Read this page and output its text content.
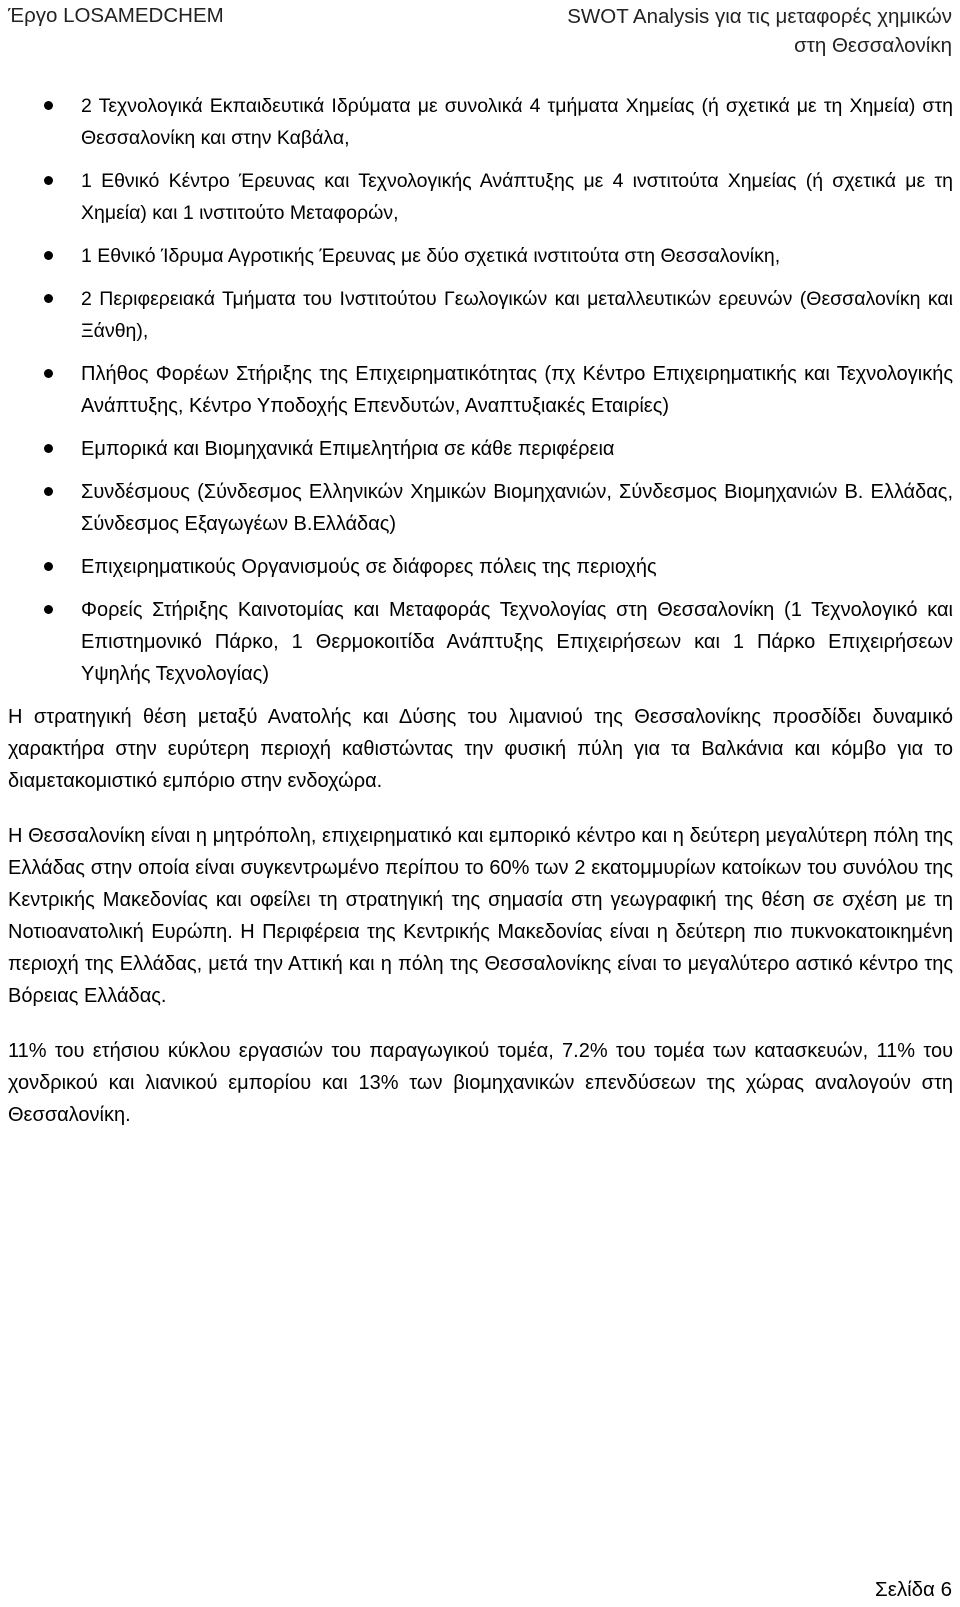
Έργο LOSAMEDCHEM	SWOT Analysis για τις μεταφορές χημικών στη Θεσσαλονίκη
2 Τεχνολογικά Εκπαιδευτικά Ιδρύματα με συνολικά 4 τμήματα Χημείας (ή σχετικά με τη Χημεία) στη Θεσσαλονίκη και στην Καβάλα,
1 Εθνικό Κέντρο Έρευνας και Τεχνολογικής Ανάπτυξης με 4 ινστιτούτα Χημείας (ή σχετικά με τη Χημεία) και 1 ινστιτούτο Μεταφορών,
1 Εθνικό Ίδρυμα Αγροτικής Έρευνας με δύο σχετικά ινστιτούτα στη Θεσσαλονίκη,
2 Περιφερειακά Τμήματα του Ινστιτούτου Γεωλογικών και μεταλλευτικών ερευνών (Θεσσαλονίκη και Ξάνθη),
Πλήθος Φορέων Στήριξης της Επιχειρηματικότητας (πχ Κέντρο Επιχειρηματικής και Τεχνολογικής Ανάπτυξης, Κέντρο Υποδοχής Επενδυτών, Αναπτυξιακές Εταιρίες)
Εμπορικά και Βιομηχανικά Επιμελητήρια σε κάθε περιφέρεια
Συνδέσμους (Σύνδεσμος Ελληνικών Χημικών Βιομηχανιών, Σύνδεσμος Βιομηχανιών Β. Ελλάδας, Σύνδεσμος Εξαγωγέων Β.Ελλάδας)
Επιχειρηματικούς Οργανισμούς σε διάφορες πόλεις της περιοχής
Φορείς Στήριξης Καινοτομίας και Μεταφοράς Τεχνολογίας στη Θεσσαλονίκη (1 Τεχνολογικό και Επιστημονικό Πάρκο, 1 Θερμοκοιτίδα Ανάπτυξης Επιχειρήσεων και 1 Πάρκο Επιχειρήσεων Υψηλής Τεχνολογίας)

Η στρατηγική θέση μεταξύ Ανατολής και Δύσης του λιμανιού της Θεσσαλονίκης προσδίδει δυναμικό χαρακτήρα στην ευρύτερη περιοχή καθιστώντας την φυσική πύλη για τα Βαλκάνια και κόμβο για το διαμετακομιστικό εμπόριο στην ενδοχώρα.

Η Θεσσαλονίκη είναι η μητρόπολη, επιχειρηματικό και εμπορικό κέντρο και η δεύτερη μεγαλύτερη πόλη της Ελλάδας στην οποία είναι συγκεντρωμένο περίπου το 60% των 2 εκατομμυρίων κατοίκων του συνόλου της Κεντρικής Μακεδονίας και οφείλει τη στρατηγική της σημασία στη γεωγραφική της θέση σε σχέση με τη Νοτιοανατολική Ευρώπη. Η Περιφέρεια της Κεντρικής Μακεδονίας είναι η δεύτερη πιο πυκνοκατοικημένη περιοχή της Ελλάδας, μετά την Αττική και η πόλη της Θεσσαλονίκης είναι το μεγαλύτερο αστικό κέντρο της Βόρειας Ελλάδας.

11% του ετήσιου κύκλου εργασιών του παραγωγικού τομέα, 7.2% του τομέα των κατασκευών, 11% του χονδρικού και λιανικού εμπορίου και 13% των βιομηχανικών επενδύσεων της χώρας αναλογούν στη Θεσσαλονίκη.

Σελίδα 6
